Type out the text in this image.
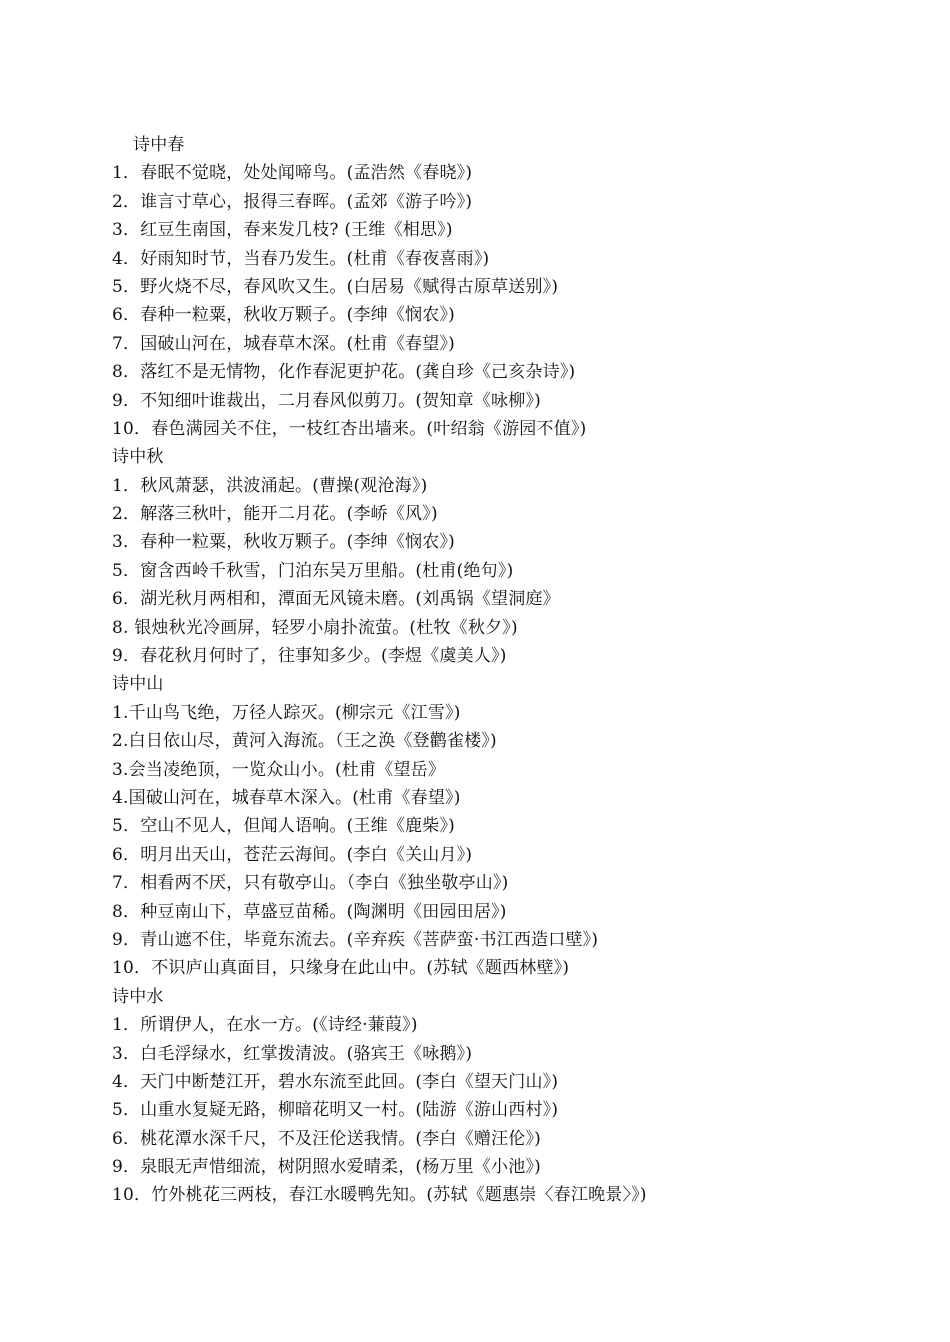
诗中春
1．春眠不觉晓，处处闻啼鸟。(孟浩然《春晓》)
2．谁言寸草心，报得三春晖。(孟郊《游子吟》)
3．红豆生南国，春来发几枝? (王维《相思》)
4．好雨知时节，当春乃发生。(杜甫《春夜喜雨》)
5．野火烧不尽，春风吹又生。(白居易《赋得古原草送别》)
6．春种一粒粟，秋收万颗子。(李绅《悯农》)
7．国破山河在，城春草木深。(杜甫《春望》)
8．落红不是无情物，化作春泥更护花。(龚自珍《己亥杂诗》)
9．不知细叶谁裁出，二月春风似剪刀。(贺知章《咏柳》)
10．春色满园关不住，一枝红杏出墙来。(叶绍翁《游园不值》)
诗中秋
1．秋风萧瑟，洪波涌起。(曹操(观沧海》)
2．解落三秋叶，能开二月花。(李峤《风》)
3．春种一粒粟，秋收万颗子。(李绅《悯农》)
5．窗含西岭千秋雪，门泊东吴万里船。(杜甫(绝句》)
6．湖光秋月两相和，潭面无风镜未磨。(刘禹锅《望洞庭》
8. 银烛秋光冷画屏，轻罗小扇扑流萤。(杜牧《秋夕》)
9．春花秋月何时了，往事知多少。(李煜《虞美人》)
诗中山
1.千山鸟飞绝，万径人踪灭。(柳宗元《江雪》)
2.白日依山尽，黄河入海流。（王之涣《登鹳雀楼》)
3.会当凌绝顶，一览众山小。(杜甫《望岳》
4.国破山河在，城春草木深入。(杜甫《春望》)
5．空山不见人，但闻人语响。(王维《鹿柴》)
6．明月出天山，苍茫云海间。(李白《关山月》)
7．相看两不厌，只有敬亭山。（李白《独坐敬亭山》)
8．种豆南山下，草盛豆苗稀。(陶渊明《田园田居》)
9．青山遮不住，毕竟东流去。(辛弃疾《菩萨蛮·书江西造口壁》)
10．不识庐山真面目，只缘身在此山中。(苏轼《题西林壁》)
诗中水
1．所谓伊人，在水一方。(《诗经·蒹葭》)
3．白毛浮绿水，红掌拨清波。(骆宾王《咏鹅》)
4．天门中断楚江开，碧水东流至此回。(李白《望天门山》)
5．山重水复疑无路，柳暗花明又一村。(陆游《游山西村》)
6．桃花潭水深千尺，不及汪伦送我情。(李白《赠汪伦》)
9．泉眼无声惜细流，树阴照水爱晴柔，(杨万里《小池》)
10．竹外桃花三两枝，春江水暖鸭先知。(苏轼《题惠崇〈春江晚景〉》)
